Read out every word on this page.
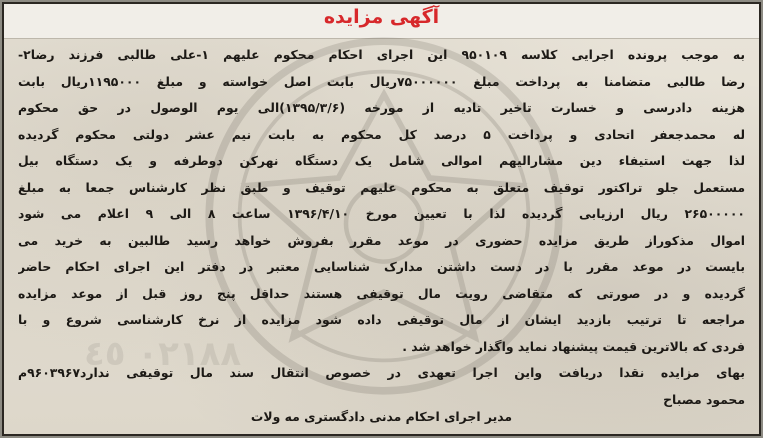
٠٢١٨٨ ٤٥
آگهی مزایده
به موجب پرونده اجرایی کلاسه ۹۵۰۱۰۹ این اجرای احکام محکوم علیهم ۱-علی طالبی فرزند رضا۲-
رضا طالبی متضامنا به پرداخت مبلغ ۷۵۰۰۰۰۰۰ریال بابت اصل خواسته و مبلغ ۱۱۹۵۰۰۰ریال بابت
هزینه دادرسی و خسارت تاخیر تادیه از مورخه (۱۳۹۵/۳/۶)الی یوم الوصول در حق محکوم
له محمدجعفر اتحادی و پرداخت ۵ درصد کل محکوم به بابت نیم عشر دولتی محکوم گردیده
لذا جهت استیفاء دین مشارالیهم اموالی شامل یک دستگاه نهرکن دوطرفه و یک دستگاه بیل
مستعمل جلو تراکتور توقیف متعلق به محکوم علیهم توقیف و طبق نظر کارشناس جمعا به مبلغ
۲۶۵۰۰۰۰۰ ریال ارزیابی گردیده لذا با تعیین مورخ ۱۳۹۶/۴/۱۰ ساعت ۸ الی ۹ اعلام می شود
اموال مذکوراز طریق مزایده حضوری در موعد مقرر بفروش خواهد رسید طالبین به خرید می
بایست در موعد مقرر با در دست داشتن مدارک شناسایی معتبر در دفتر این اجرای احکام حاضر
گردیده و در صورتی که متقاضی رویت مال توقیفی هستند حداقل پنج روز قبل از موعد مزایده
مراجعه تا ترتیب بازدید ایشان از مال توقیفی داده شود مزایده از نرخ کارشناسی شروع و با
فردی که بالاترین قیمت پیشنهاد نماید واگذار خواهد شد .
بهای مزایده نقدا دریافت واین اجرا تعهدی در خصوص انتقال سند مال توقیفی ندارد۹۶۰۳۹۶۷م
محمود مصباح
مدیر اجرای احکام مدنی دادگستری مه ولات
